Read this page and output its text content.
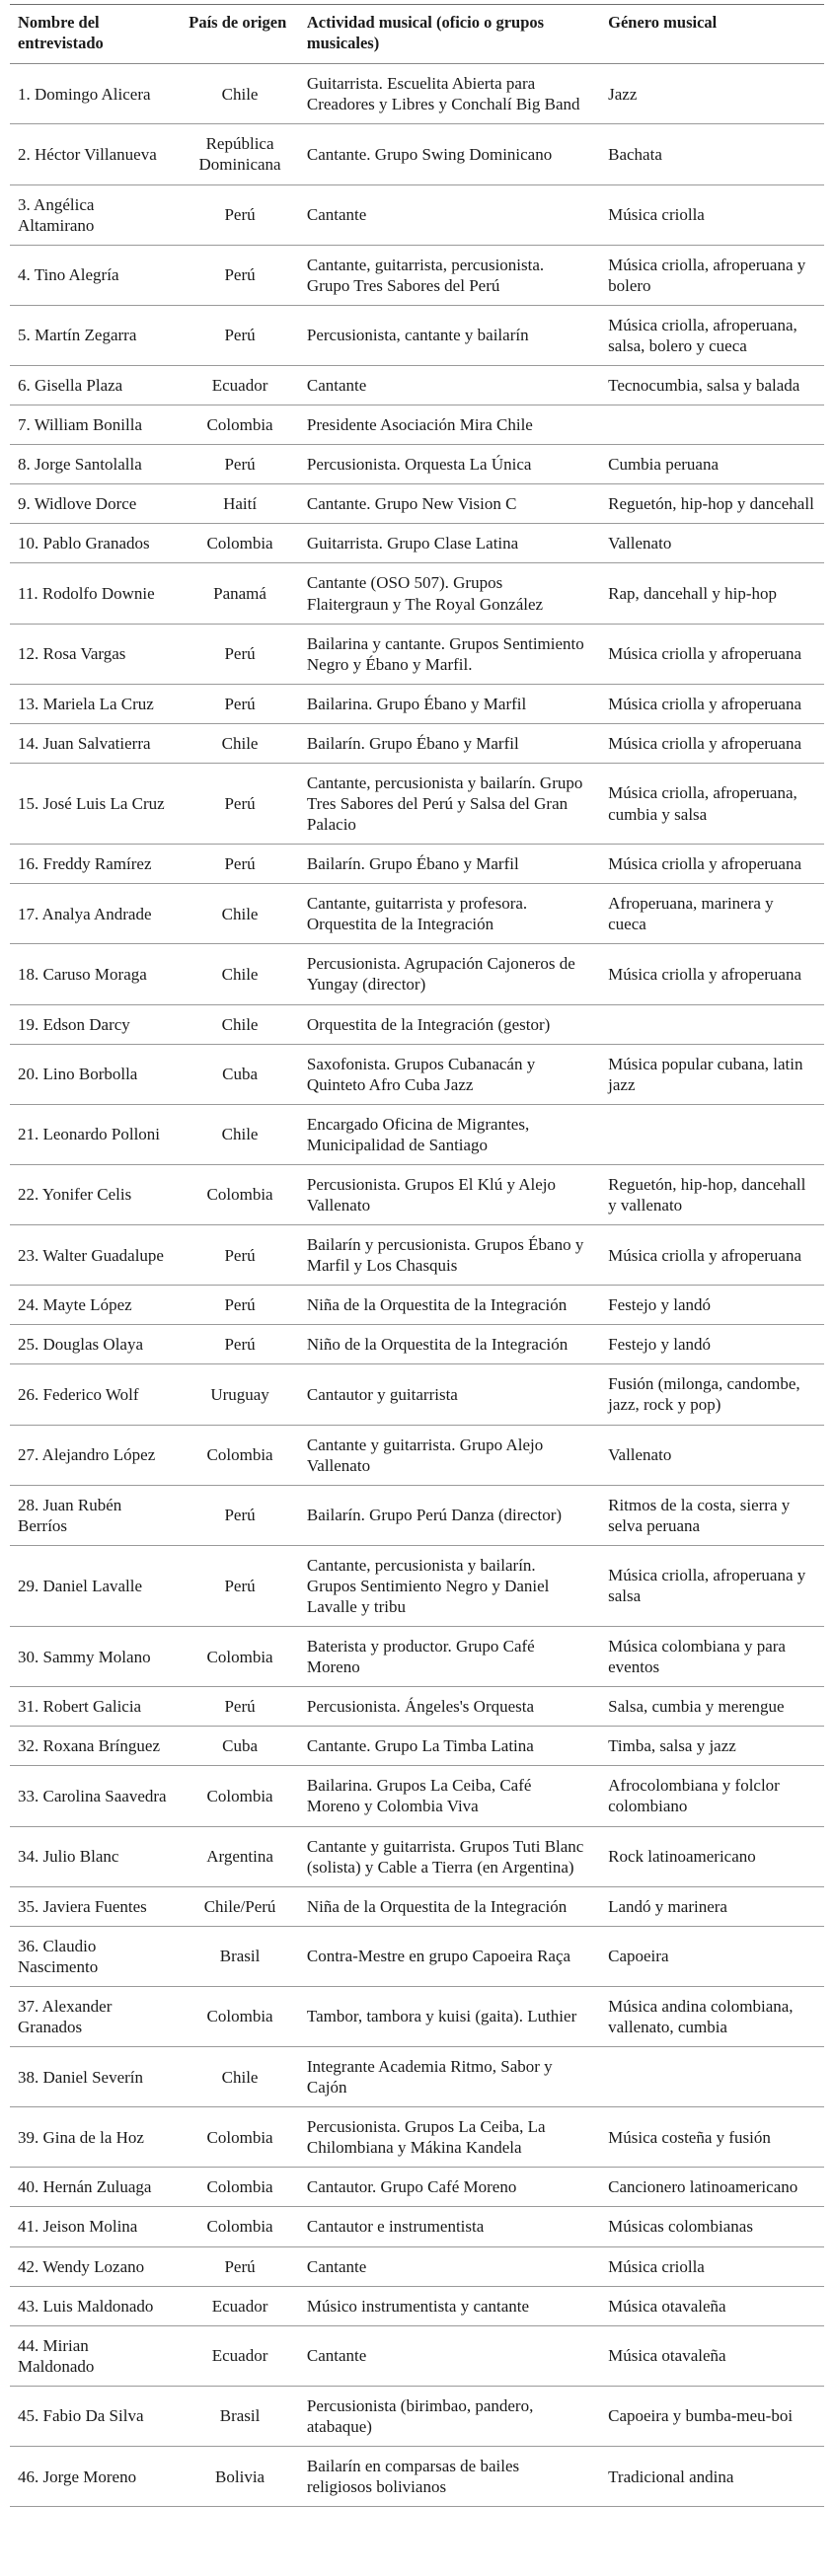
Nombre del entrevistado	País de origen	Actividad musical (oficio o grupos musicales)	Género musical
1. Domingo Alicera	Chile	Guitarrista. Escuelita Abierta para Creadores y Libres y Conchalí Big Band	Jazz
2. Héctor Villanueva	República Dominicana	Cantante. Grupo Swing Dominicano	Bachata
3. Angélica Altamirano	Perú	Cantante	Música criolla
4. Tino Alegría	Perú	Cantante, guitarrista, percusionista. Grupo Tres Sabores del Perú	Música criolla, afroperuana y bolero
5. Martín Zegarra	Perú	Percusionista, cantante y bailarín	Música criolla, afroperuana, salsa, bolero y cueca
6. Gisella Plaza	Ecuador	Cantante	Tecnocumbia, salsa y balada
7. William Bonilla	Colombia	Presidente Asociación Mira Chile	
8. Jorge Santolalla	Perú	Percusionista. Orquesta La Única	Cumbia peruana
9. Widlove Dorce	Haití	Cantante. Grupo New Vision C	Reguetón, hip-hop y dancehall
10. Pablo Granados	Colombia	Guitarrista. Grupo Clase Latina	Vallenato
11. Rodolfo Downie	Panamá	Cantante (OSO 507). Grupos Flaitergraun y The Royal González	Rap, dancehall y hip-hop
12. Rosa Vargas	Perú	Bailarina y cantante. Grupos Sentimiento Negro y Ébano y Marfil.	Música criolla y afroperuana
13. Mariela La Cruz	Perú	Bailarina. Grupo Ébano y Marfil	Música criolla y afroperuana
14. Juan Salvatierra	Chile	Bailarín. Grupo Ébano y Marfil	Música criolla y afroperuana
15. José Luis La Cruz	Perú	Cantante, percusionista y bailarín. Grupo Tres Sabores del Perú y Salsa del Gran Palacio	Música criolla, afroperuana, cumbia y salsa
16. Freddy Ramírez	Perú	Bailarín. Grupo Ébano y Marfil	Música criolla y afroperuana
17. Analya Andrade	Chile	Cantante, guitarrista y profesora. Orquestita de la Integración	Afroperuana, marinera y cueca
18. Caruso Moraga	Chile	Percusionista. Agrupación Cajoneros de Yungay (director)	Música criolla y afroperuana
19. Edson Darcy	Chile	Orquestita de la Integración (gestor)	
20. Lino Borbolla	Cuba	Saxofonista. Grupos Cubanacán y Quinteto Afro Cuba Jazz	Música popular cubana, latin jazz
21. Leonardo Polloni	Chile	Encargado Oficina de Migrantes, Municipalidad de Santiago	
22. Yonifer Celis	Colombia	Percusionista. Grupos El Klú y Alejo Vallenato	Reguetón, hip-hop, dancehall y vallenato
23. Walter Guadalupe	Perú	Bailarín y percusionista. Grupos Ébano y Marfil y Los Chasquis	Música criolla y afroperuana
24. Mayte López	Perú	Niña de la Orquestita de la Integración	Festejo y landó
25. Douglas Olaya	Perú	Niño de la Orquestita de la Integración	Festejo y landó
26. Federico Wolf	Uruguay	Cantautor y guitarrista	Fusión (milonga, candombe, jazz, rock y pop)
27. Alejandro López	Colombia	Cantante y guitarrista. Grupo Alejo Vallenato	Vallenato
28. Juan Rubén Berríos	Perú	Bailarín. Grupo Perú Danza (director)	Ritmos de la costa, sierra y selva peruana
29. Daniel Lavalle	Perú	Cantante, percusionista y bailarín. Grupos Sentimiento Negro y Daniel Lavalle y tribu	Música criolla, afroperuana y salsa
30. Sammy Molano	Colombia	Baterista y productor. Grupo Café Moreno	Música colombiana y para eventos
31. Robert Galicia	Perú	Percusionista. Ángeles's Orquesta	Salsa, cumbia y merengue
32. Roxana Brínguez	Cuba	Cantante. Grupo La Timba Latina	Timba, salsa y jazz
33. Carolina Saavedra	Colombia	Bailarina. Grupos La Ceiba, Café Moreno y Colombia Viva	Afrocolombiana y folclor colombiano
34. Julio Blanc	Argentina	Cantante y guitarrista. Grupos Tuti Blanc (solista) y Cable a Tierra (en Argentina)	Rock latinoamericano
35. Javiera Fuentes	Chile/Perú	Niña de la Orquestita de la Integración	Landó y marinera
36. Claudio Nascimento	Brasil	Contra-Mestre en grupo Capoeira Raça	Capoeira
37. Alexander Granados	Colombia	Tambor, tambora y kuisi (gaita). Luthier	Música andina colombiana, vallenato, cumbia
38. Daniel Severín	Chile	Integrante Academia Ritmo, Sabor y Cajón	
39. Gina de la Hoz	Colombia	Percusionista. Grupos La Ceiba, La Chilombiana y Mákina Kandela	Música costeña y fusión
40. Hernán Zuluaga	Colombia	Cantautor. Grupo Café Moreno	Cancionero latinoamericano
41. Jeison Molina	Colombia	Cantautor e instrumentista	Músicas colombianas
42. Wendy Lozano	Perú	Cantante	Música criolla
43. Luis Maldonado	Ecuador	Músico instrumentista y cantante	Música otavaleña
44. Mirian Maldonado	Ecuador	Cantante	Música otavaleña
45. Fabio Da Silva	Brasil	Percusionista (birimbao, pandero, atabaque)	Capoeira y bumba-meu-boi
46. Jorge Moreno	Bolivia	Bailarín en comparsas de bailes religiosos bolivianos	Tradicional andina
